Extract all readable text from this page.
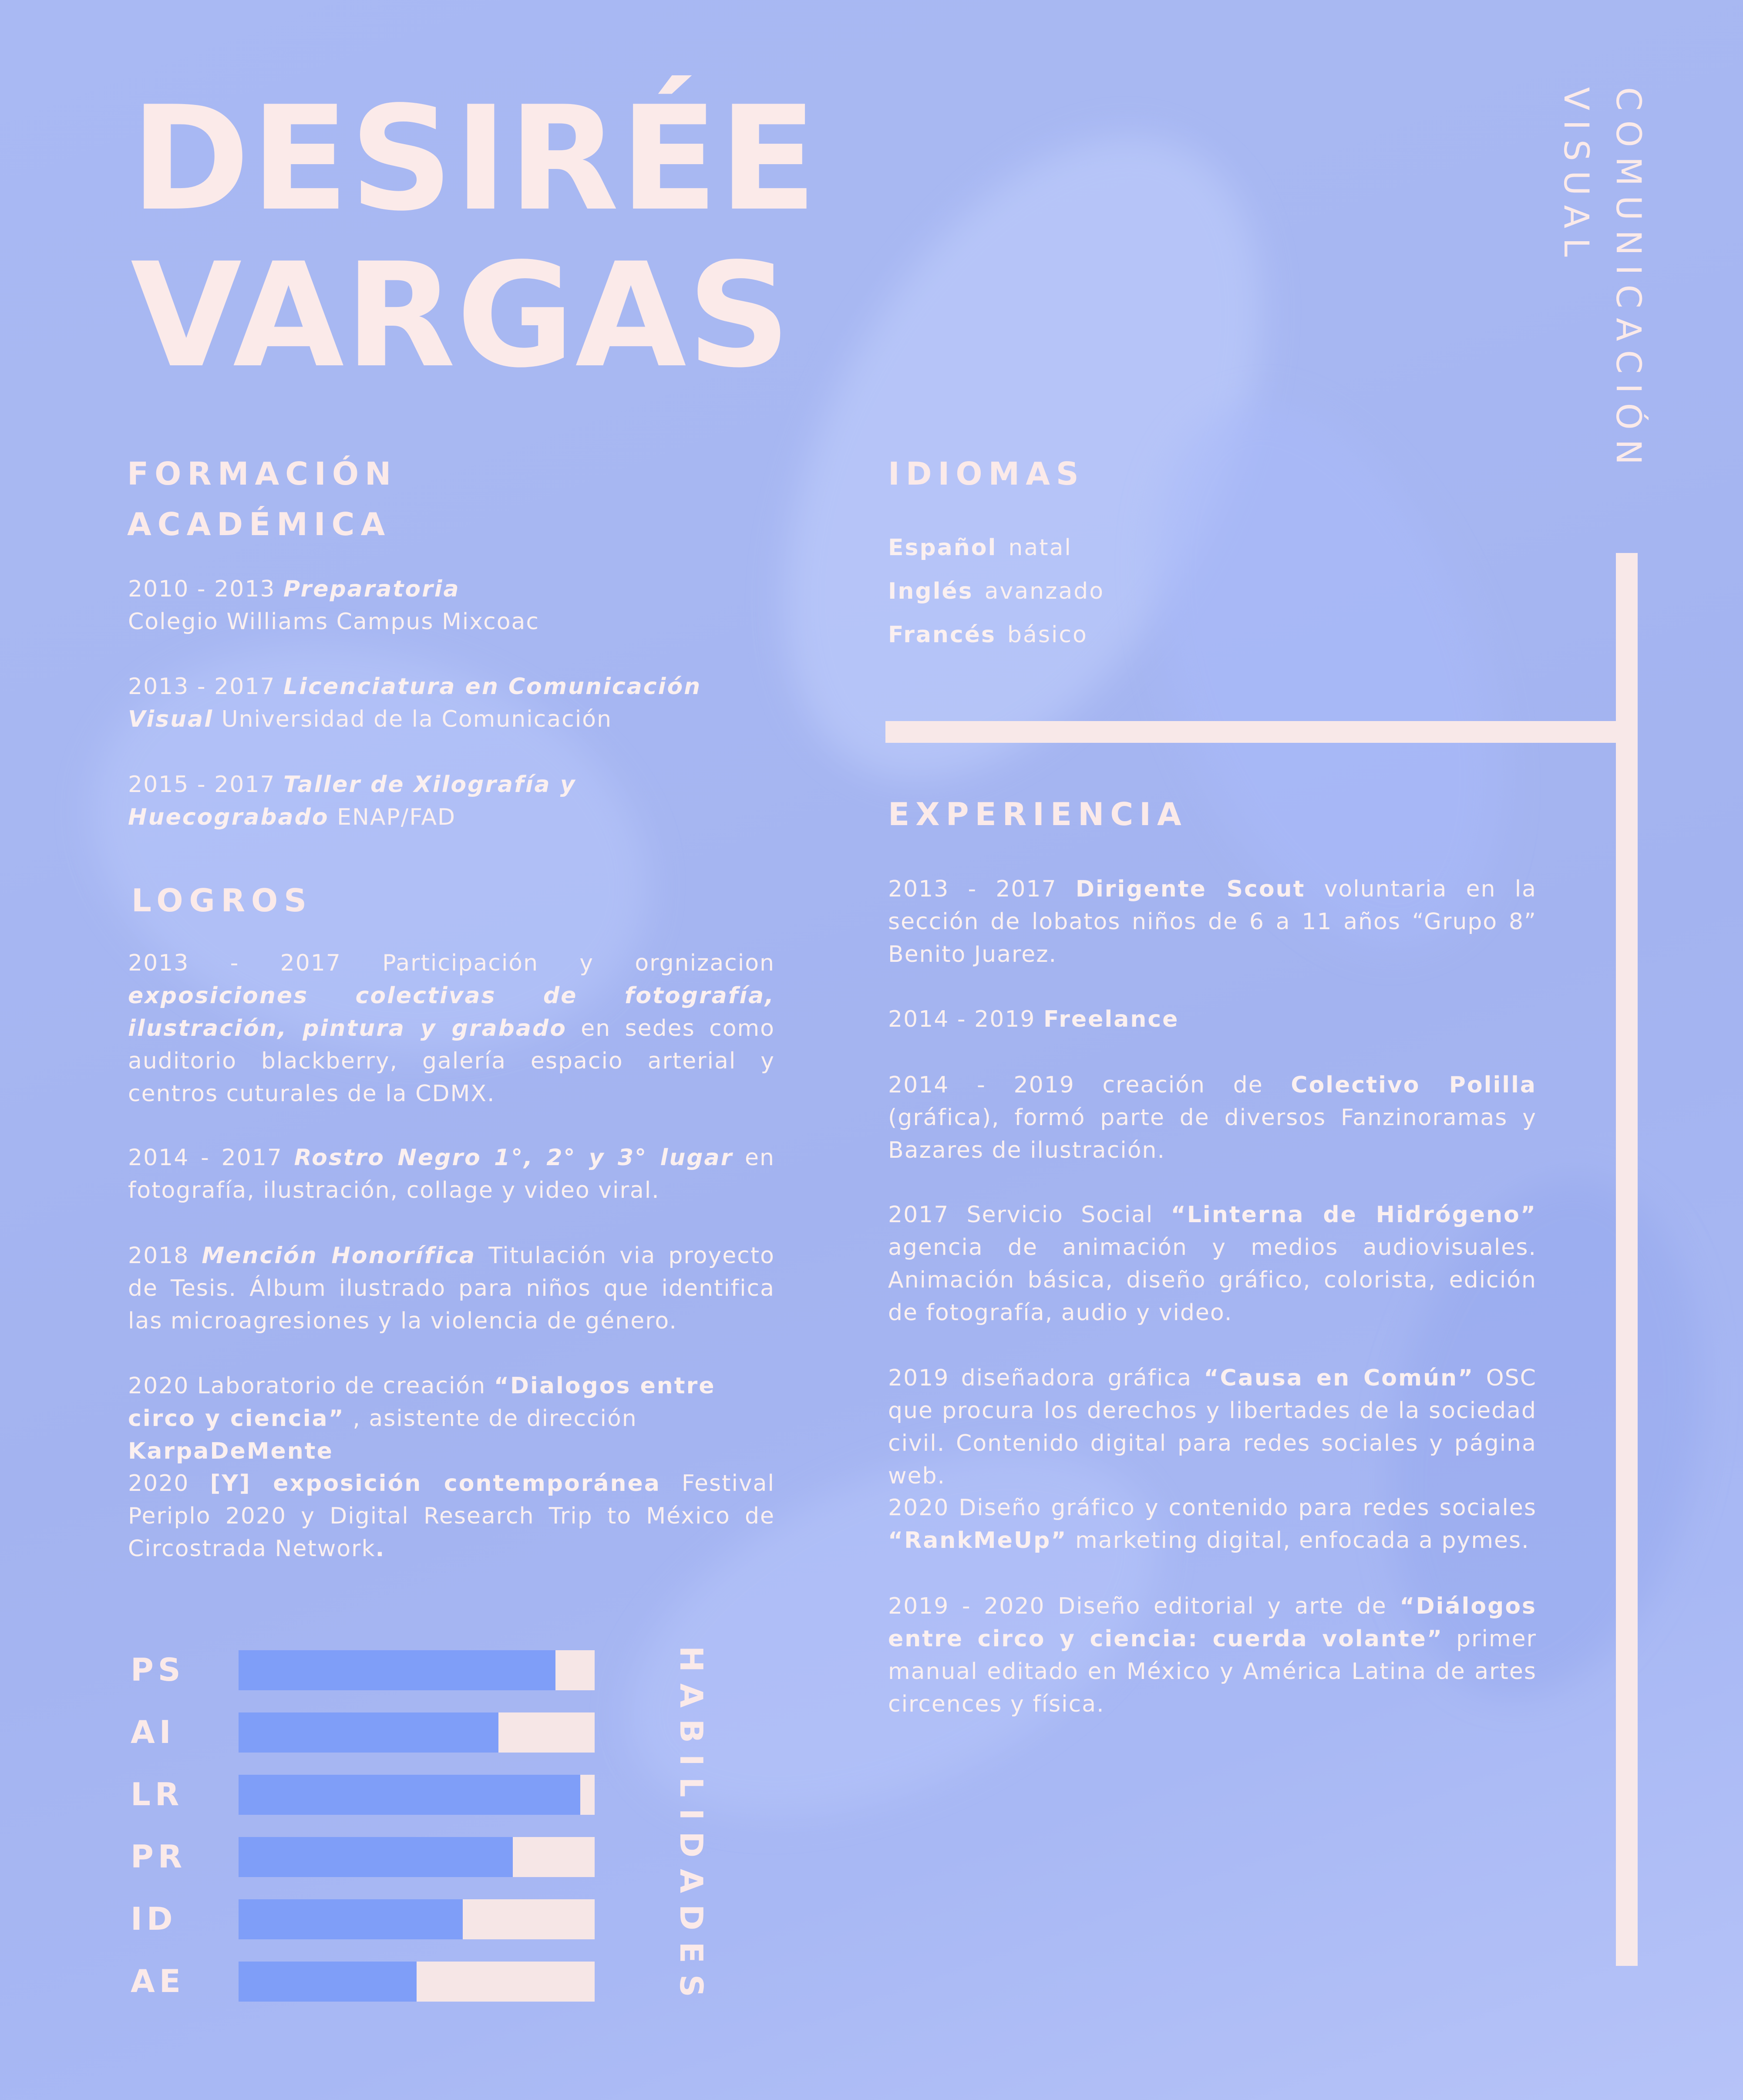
DESIRÉE
VARGAS	COMUNICACIÓN VISUAL
FORMACIÓN
ACADÉMICA

2010 - 2013 Preparatoria
Colegio Williams Campus Mixcoac

2013 - 2017 Licenciatura en Comunicación Visual Universidad de la Comunicación

2015 - 2017 Taller de Xilografía y Huecograbado ENAP/FAD

LOGROS

2013 - 2017 Participación y orgnizacion exposiciones colectivas de fotografía, ilustración, pintura y grabado en sedes como auditorio blackberry, galería espacio arterial y centros cuturales de la CDMX.

2014 - 2017 Rostro Negro 1°, 2° y 3° lugar en fotografía, ilustración, collage y video viral.

2018 Mención Honorífica Titulación via proyecto de Tesis. Álbum ilustrado para niños que identifica las microagresiones y la violencia de género.

2020 Laboratorio de creación “Dialogos entre circo y ciencia” , asistente de dirección KarpaDeMente

2020 [Y] exposición contemporánea Festival Periplo 2020 y Digital Research Trip to México de Circostrada Network.

PS
AI
LR
PR
ID
AE	HABILIDADES
IDIOMAS
Español natal
Inglés avanzado
Francés básico
EXPERIENCIA

2013 - 2017 Dirigente Scout voluntaria en la sección de lobatos niños de 6 a 11 años “Grupo 8” Benito Juarez.

2014 - 2019 Freelance

2014 - 2019 creación de Colectivo Polilla (gráfica), formó parte de diversos Fanzinoramas y Bazares de ilustración.

2017 Servicio Social “Linterna de Hidrógeno” agencia de animación y medios audiovisuales. Animación básica, diseño gráfico, colorista, edición de fotografía, audio y video.

2019 diseñadora gráfica “Causa en Común” OSC que procura los derechos y libertades de la sociedad civil. Contenido digital para redes sociales y página web.

2020 Diseño gráfico y contenido para redes sociales “RankMeUp” marketing digital, enfocada a pymes.

2019 - 2020 Diseño editorial y arte de “Diálogos entre circo y ciencia: cuerda volante” primer manual editado en México y América Latina de artes circences y física.
